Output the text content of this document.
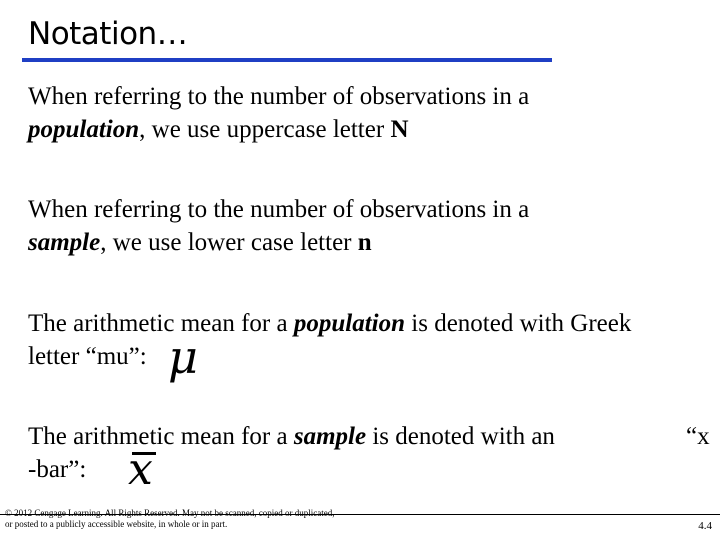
Notation…
When referring to the number of observations in a
population, we use uppercase letter N
When referring to the number of observations in a
sample, we use lower case letter n
The arithmetic mean for a population is denoted with Greek
letter “mu”: μ
The arithmetic mean for a sample is denoted with an
-bar”:
“x
x
© 2012 Cengage Learning. All Rights Reserved. May not be scanned, copied or duplicated, or posted to a publicly accessible website, in whole or in part.	4.4
